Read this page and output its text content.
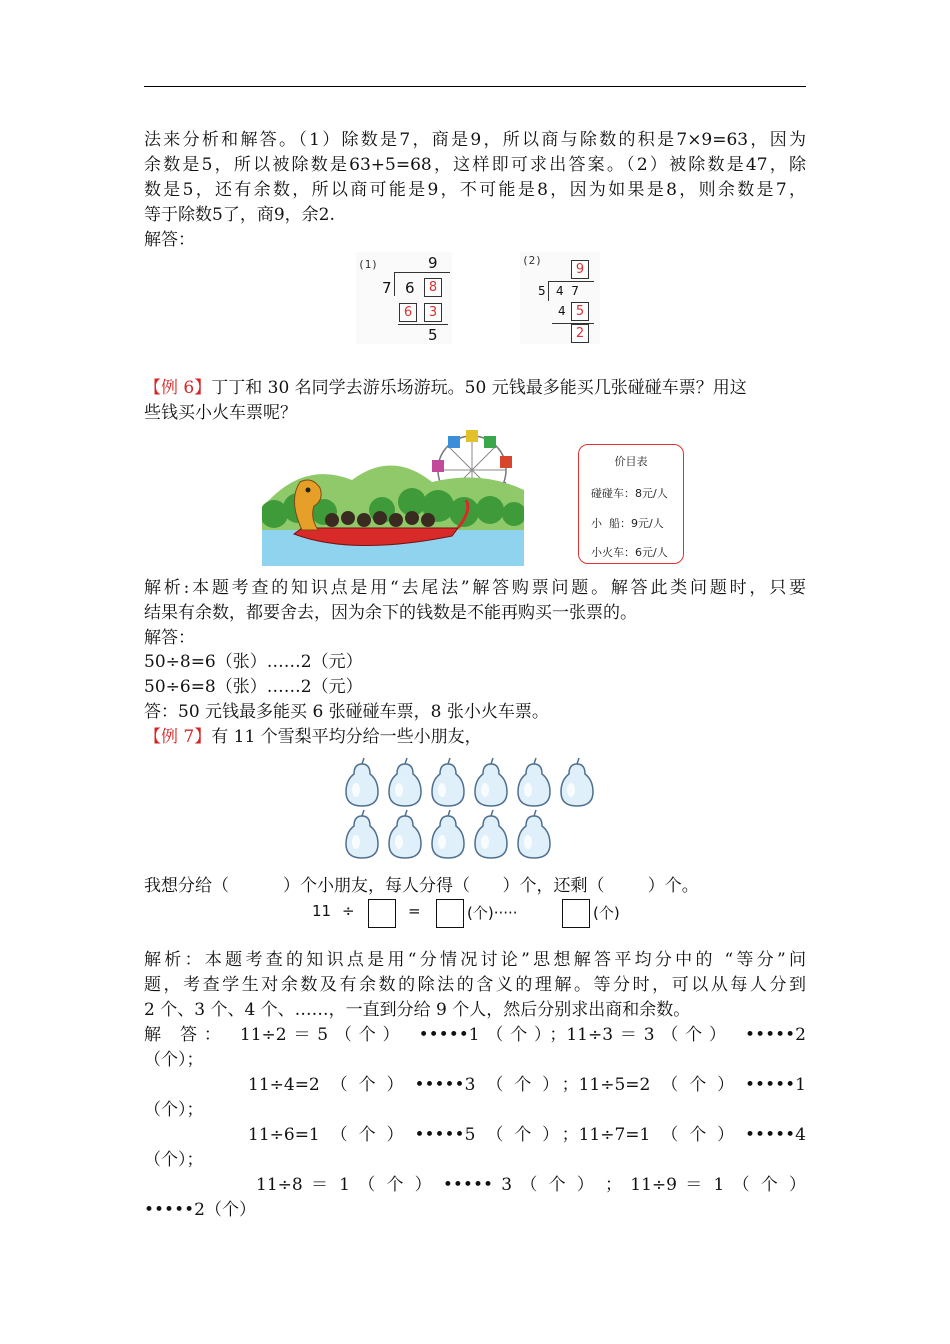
法来分析和解答。（1）除数是7，商是9，所以商与除数的积是7×9=63，因为
余数是5，所以被除数是63+5=68，这样即可求出答案。（2）被除数是47，除
数是5，还有余数，所以商可能是9，不可能是8，因为如果是8，则余数是7，
等于除数5了，商9，余2.
解答：
(1)	9
7 6	8
6	3
5
(2)
9
5 4  7
4 5
2
【例 6】丁丁和 30 名同学去游乐场游玩。50 元钱最多能买几张碰碰车票？用这
些钱买小火车票呢？
价目表
碰碰车：8元/人
小  船：9元/人
小火车：6元/人
解析:本题考查的知识点是用“去尾法”解答购票问题。解答此类问题时，只要
结果有余数，都要舍去，因为余下的钱数是不能再购买一张票的。
解答：
50÷8=6（张）……2（元）
50÷6=8（张）……2（元）
答：50 元钱最多能买 6 张碰碰车票，8 张小火车票。
【例 7】有 11 个雪梨平均分给一些小朋友，
我想分给（          ）个小朋友，每人分得（      ）个，还剩（        ）个。
11 ÷	=	(个)·····	(个)
解析：本题考查的知识点是用“分情况讨论”思想解答平均分中的 “等分”问
题，考查学生对余数及有余数的除法的含义的理解。等分时，可以从每人分到
2 个、3 个、4 个、……，一直到分给 9 个人，然后分别求出商和余数。
解 答： 11÷2＝5（个） •••••1（个）；11÷3＝3（个） •••••2
（个）；
11÷4=2（个）•••••3（个）；11÷5=2（个）•••••1
（个）；
11÷6=1（个）•••••5（个）；11÷7=1（个）•••••4
（个）；
11÷8 ＝ 1 （ 个 ） ••••• 3 （ 个 ） ； 11÷9 ＝ 1 （ 个 ）
•••••2（个）
